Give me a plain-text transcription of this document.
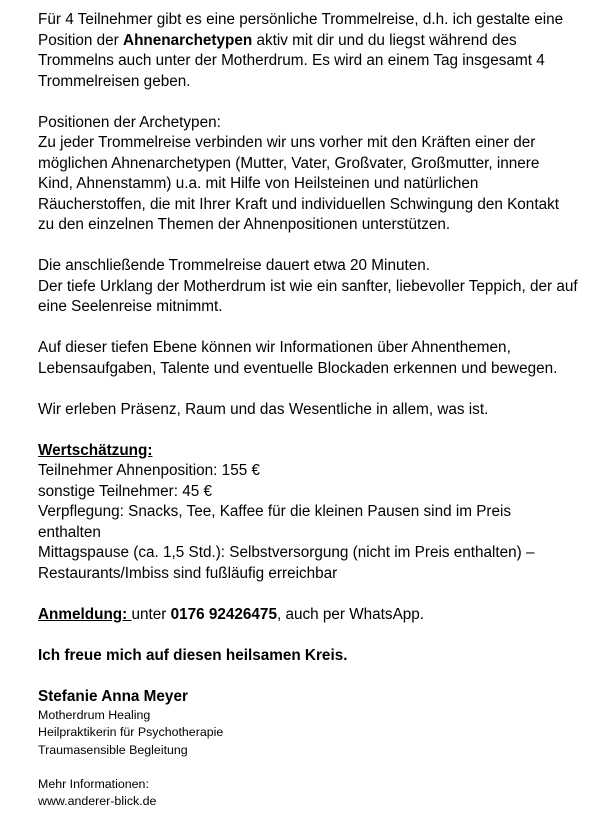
Für 4 Teilnehmer gibt es eine persönliche Trommelreise, d.h. ich gestalte eine Position der Ahnenarchetypen aktiv mit dir und du liegst während des Trommelns auch unter der Motherdrum. Es wird an einem Tag insgesamt 4 Trommelreisen geben.

Positionen der Archetypen:

Zu jeder Trommelreise verbinden wir uns vorher mit den Kräften einer der möglichen Ahnenarchetypen (Mutter, Vater, Großvater, Großmutter, innere Kind, Ahnenstamm) u.a. mit Hilfe von Heilsteinen und natürlichen Räucherstoffen, die mit Ihrer Kraft und individuellen Schwingung den Kontakt zu den einzelnen Themen der Ahnenpositionen unterstützen.

Die anschließende Trommelreise dauert etwa 20 Minuten.

Der tiefe Urklang der Motherdrum ist wie ein sanfter, liebevoller Teppich, der auf eine Seelenreise mitnimmt.

Auf dieser tiefen Ebene können wir Informationen über Ahnenthemen, Lebensaufgaben, Talente und eventuelle Blockaden erkennen und bewegen.

Wir erleben Präsenz, Raum und das Wesentliche in allem, was ist.

Wertschätzung:

Teilnehmer Ahnenposition: 155 €

sonstige Teilnehmer: 45 €

Verpflegung: Snacks, Tee, Kaffee für die kleinen Pausen sind im Preis enthalten

Mittagspause (ca. 1,5 Std.): Selbstversorgung (nicht im Preis enthalten) – Restaurants/Imbiss sind fußläufig erreichbar

Anmeldung: unter 0176 92426475, auch per WhatsApp.

Ich freue mich auf diesen heilsamen Kreis.

Stefanie Anna Meyer

Motherdrum Healing

Heilpraktikerin für Psychotherapie

Traumasensible Begleitung

Mehr Informationen:

www.anderer-blick.de
